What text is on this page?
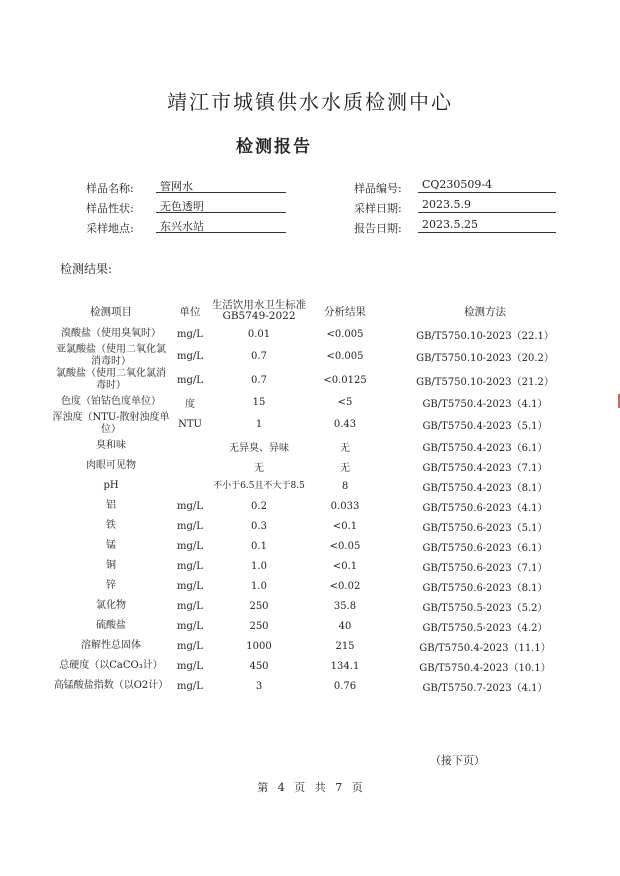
靖江市城镇供水水质检测中心
检测报告
样品名称:	管网水
样品性状:	无色透明
采样地点:	东兴水站
样品编号:	CQ230509-4
采样日期:	2023.5.9
报告日期:	2023.5.25
检测结果:
检测项目	单位	生活饮用水卫生标准GB5749-2022	分析结果	检测方法
溴酸盐（使用臭氧时）	mg/L	0.01	<0.005	GB/T5750.10-2023（22.1）
亚氯酸盐（使用二氧化氯消毒时）	mg/L	0.7	<0.005	GB/T5750.10-2023（20.2）
氯酸盐（使用二氧化氯消毒时）	mg/L	0.7	<0.0125	GB/T5750.10-2023（21.2）
色度（铂钴色度单位）	度	15	<5	GB/T5750.4-2023（4.1）
浑浊度（NTU-散射浊度单位）	NTU	1	0.43	GB/T5750.4-2023（5.1）
臭和味		无异臭、异味	无	GB/T5750.4-2023（6.1）
肉眼可见物		无	无	GB/T5750.4-2023（7.1）
pH		不小于6.5且不大于8.5	8	GB/T5750.4-2023（8.1）
铝	mg/L	0.2	0.033	GB/T5750.6-2023（4.1）
铁	mg/L	0.3	<0.1	GB/T5750.6-2023（5.1）
锰	mg/L	0.1	<0.05	GB/T5750.6-2023（6.1）
铜	mg/L	1.0	<0.1	GB/T5750.6-2023（7.1）
锌	mg/L	1.0	<0.02	GB/T5750.6-2023（8.1）
氯化物	mg/L	250	35.8	GB/T5750.5-2023（5.2）
硫酸盐	mg/L	250	40	GB/T5750.5-2023（4.2）
溶解性总固体	mg/L	1000	215	GB/T5750.4-2023（11.1）
总硬度（以CaCO₃计）	mg/L	450	134.1	GB/T5750.4-2023（10.1）
高锰酸盐指数（以O2计）	mg/L	3	0.76	GB/T5750.7-2023（4.1）
（接下页）
第 4 页 共 7 页
